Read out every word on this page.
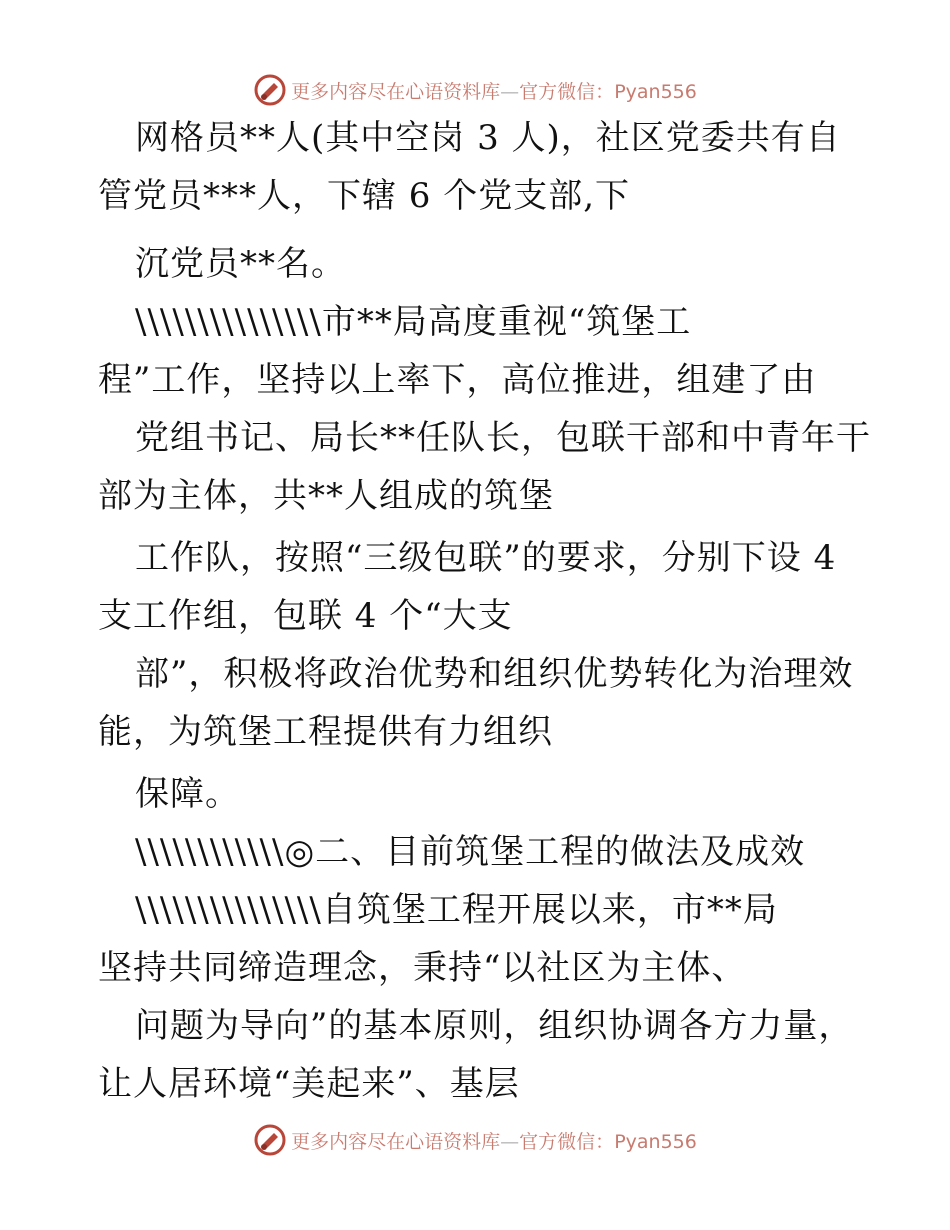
更多内容尽在心语资料库—官方微信：Pyan556
网格员**人(其中空岗 3 人)，社区党委共有自
管党员***人，下辖 6 个党支部,下
沉党员**名。
\\\\\\\\\\\\\\\市**局高度重视“筑堡工
程”工作，坚持以上率下，高位推进，组建了由
党组书记、局长**任队长，包联干部和中青年干
部为主体，共**人组成的筑堡
工作队，按照“三级包联”的要求，分别下设 4
支工作组，包联 4 个“大支
部”，积极将政治优势和组织优势转化为治理效
能，为筑堡工程提供有力组织
保障。
\\\\\\\\\\\\◎二、目前筑堡工程的做法及成效
\\\\\\\\\\\\\\\自筑堡工程开展以来，市**局
坚持共同缔造理念，秉持“以社区为主体、
问题为导向”的基本原则，组织协调各方力量，
让人居环境“美起来”、基层
更多内容尽在心语资料库—官方微信：Pyan556
